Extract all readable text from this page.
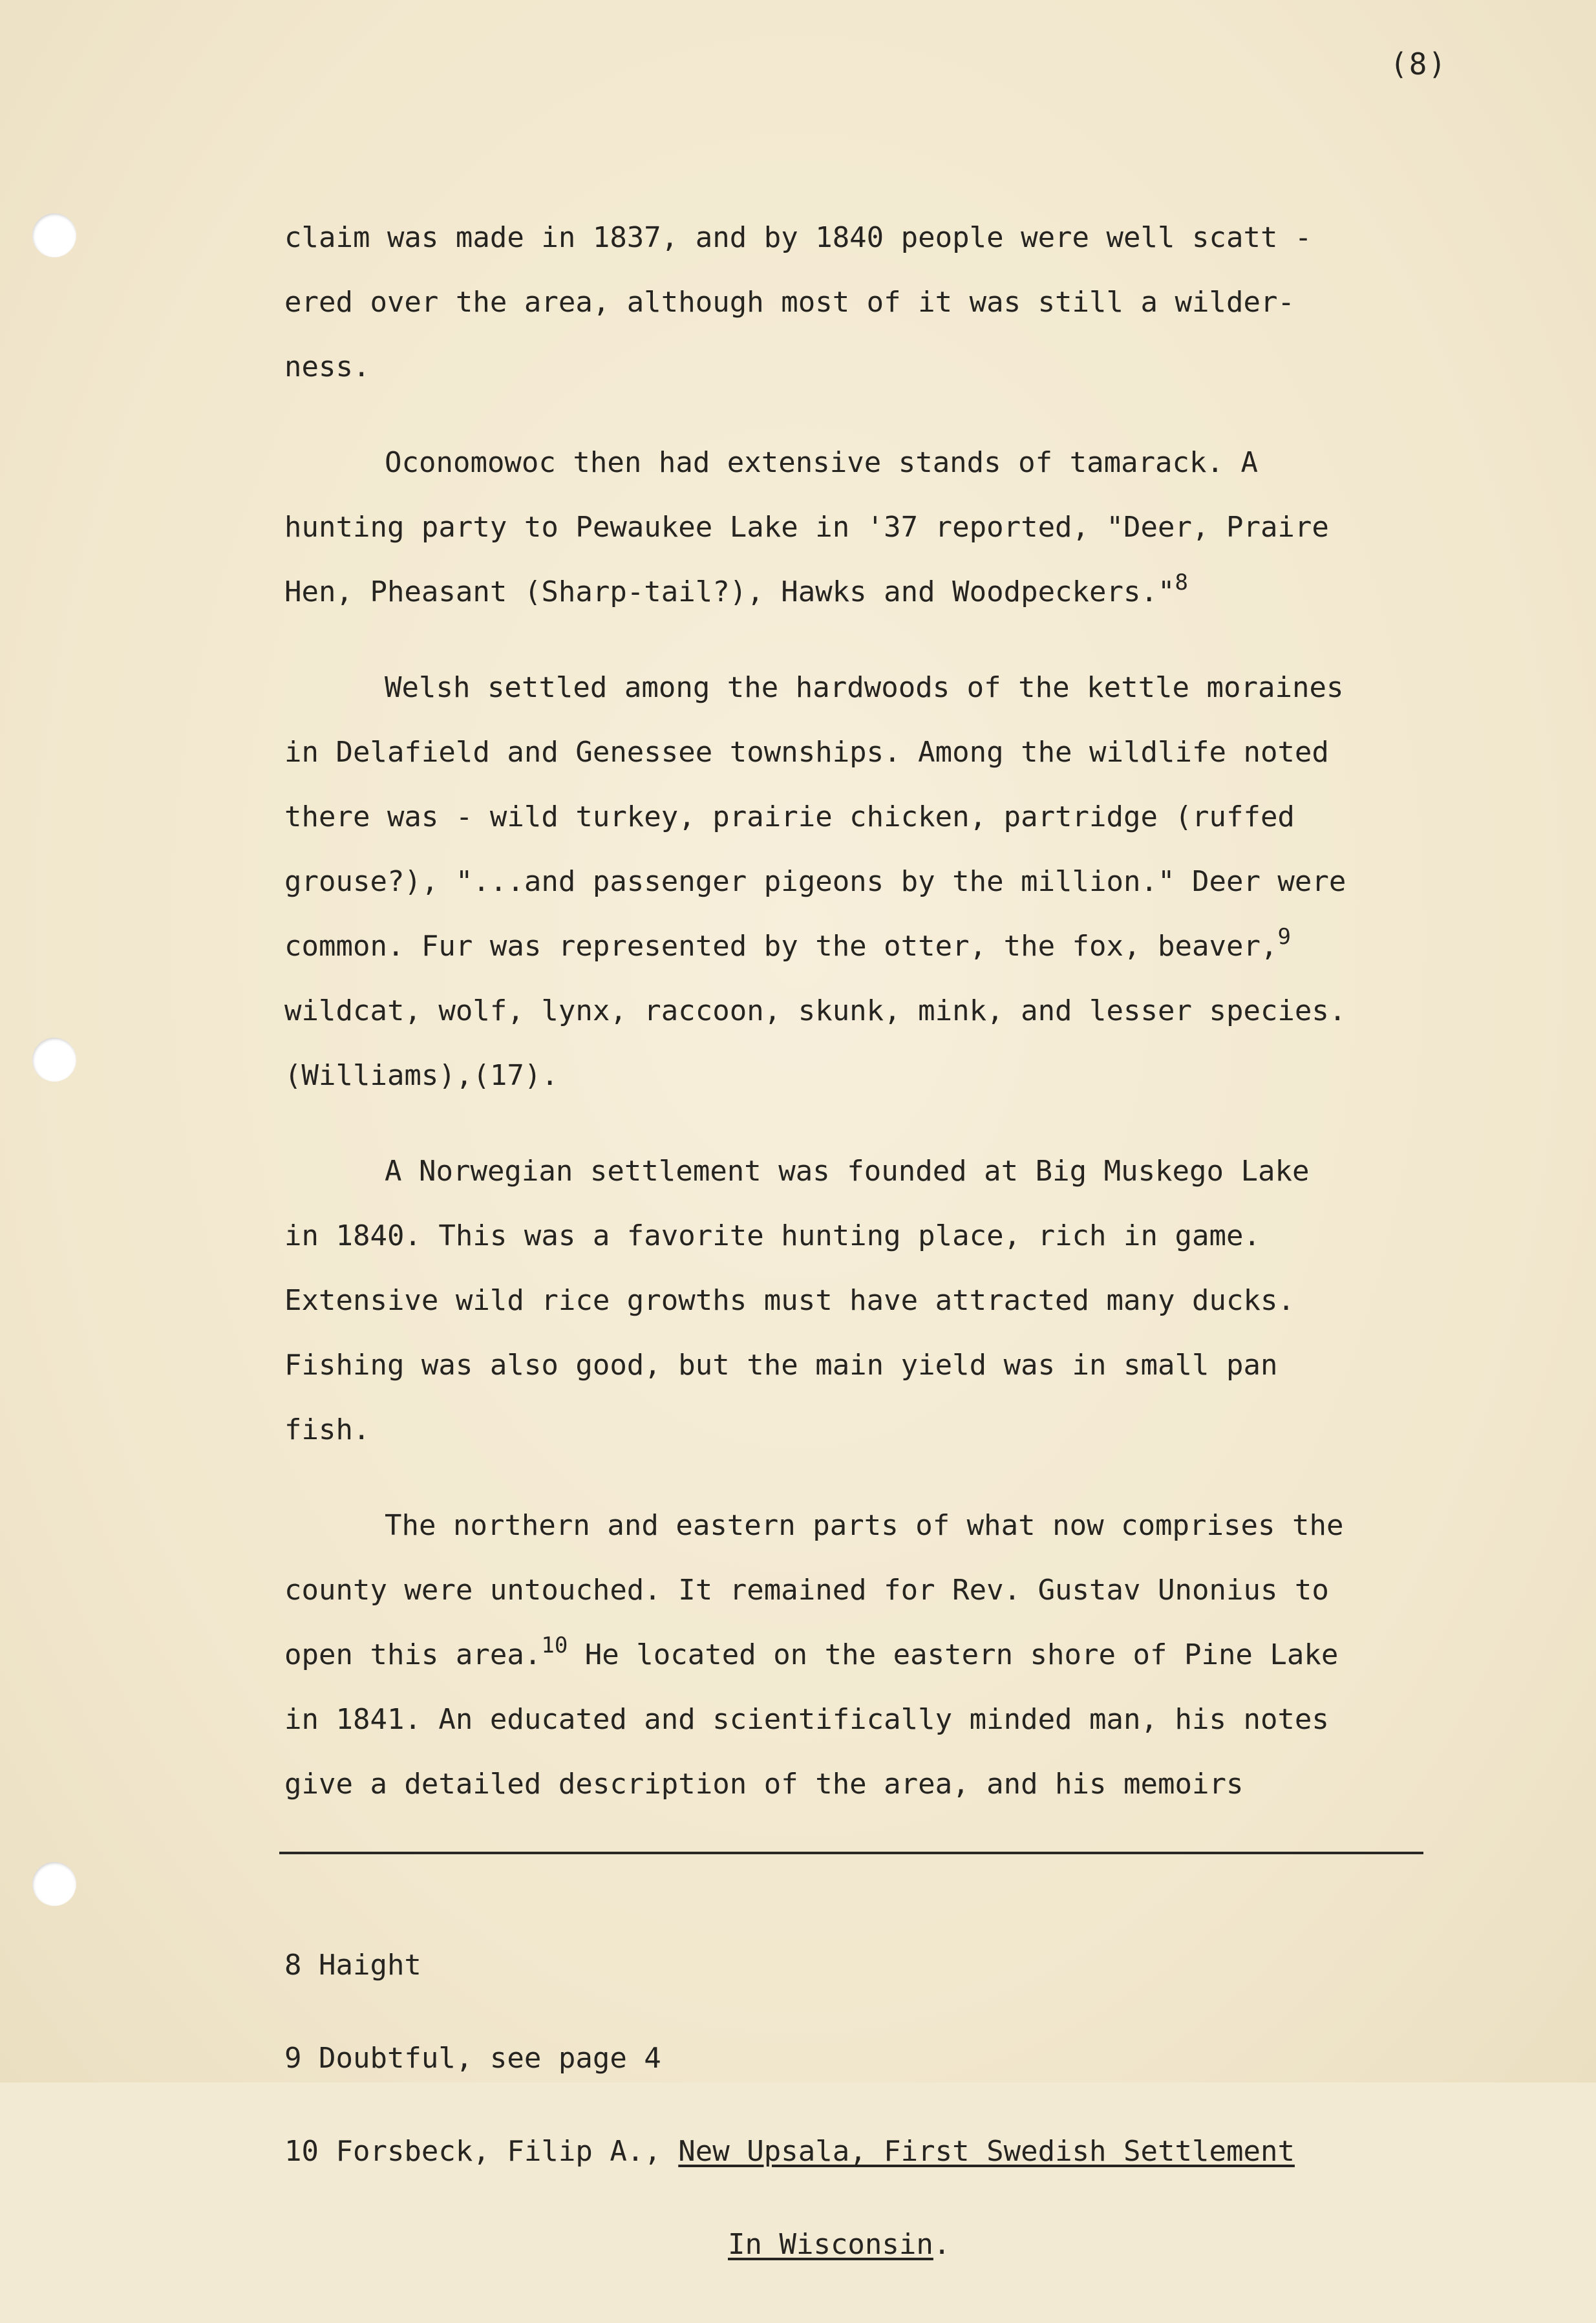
(8)
claim was made in 1837, and by 1840 people were well scatt -
ered over the area, although most of it was still a wilder-
ness.
Oconomowoc then had extensive stands of tamarack. A
hunting party to Pewaukee Lake in '37 reported, "Deer, Praire
Hen, Pheasant (Sharp-tail?), Hawks and Woodpeckers."$^8$
Welsh settled among the hardwoods of the kettle moraines
in Delafield and Genessee townships. Among the wildlife noted
there was - wild turkey, prairie chicken, partridge (ruffed
grouse?), "...and passenger pigeons by the million." Deer were
common. Fur was represented by the otter, the fox, beaver,$^9$
wildcat, wolf, lynx, raccoon, skunk, mink, and lesser species.
(Williams),(17).
A Norwegian settlement was founded at Big Muskego Lake
in 1840. This was a favorite hunting place, rich in game.
Extensive wild rice growths must have attracted many ducks.
Fishing was also good, but the main yield was in small pan
fish.
The northern and eastern parts of what now comprises the
county were untouched. It remained for Rev. Gustav Unonius to
open this area.$^{10}$ He located on the eastern shore of Pine Lake
in 1841. An educated and scientifically minded man, his notes
give a detailed description of the area, and his memoirs

8 Haight

9 Doubtful, see page 4

10 Forsbeck, Filip A., New Upsala, First Swedish Settlement

In Wisconsin.
